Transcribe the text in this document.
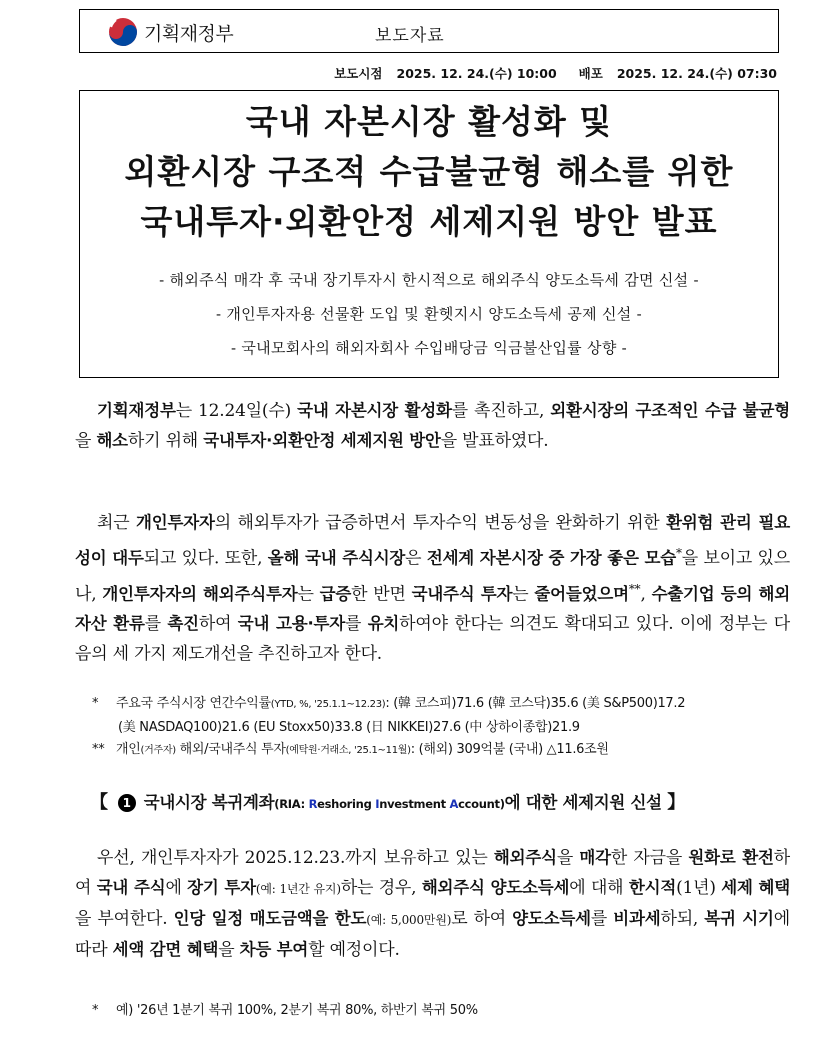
기획재정부	보도자료
보도시점 2025. 12. 24.(수) 10:00 배포 2025. 12. 24.(수) 07:30
국내 자본시장 활성화 및
외환시장 구조적 수급불균형 해소를 위한
국내투자·외환안정 세제지원 방안 발표
- 해외주식 매각 후 국내 장기투자시 한시적으로 해외주식 양도소득세 감면 신설 -
- 개인투자자용 선물환 도입 및 환헷지시 양도소득세 공제 신설 -
- 국내모회사의 해외자회사 수입배당금 익금불산입률 상향 -
기획재정부는 12.24일(수) 국내 자본시장 활성화를 촉진하고, 외환시장의 구조적인 수급 불균형을 해소하기 위해 국내투자·외환안정 세제지원 방안을 발표하였다.
최근 개인투자자의 해외투자가 급증하면서 투자수익 변동성을 완화하기 위한 환위험 관리 필요성이 대두되고 있다. 또한, 올해 국내 주식시장은 전세계 자본시장 중 가장 좋은 모습*을 보이고 있으나, 개인투자자의 해외주식투자는 급증한 반면 국내주식 투자는 줄어들었으며**, 수출기업 등의 해외자산 환류를 촉진하여 국내 고용·투자를 유치하여야 한다는 의견도 확대되고 있다. 이에 정부는 다음의 세 가지 제도개선을 추진하고자 한다.
* 주요국 주식시장 연간수익률(YTD, %, '25.1.1~12.23): (韓 코스피)71.6 (韓 코스닥)35.6 (美 S&P500)17.2
(美 NASDAQ100)21.6 (EU Stoxx50)33.8 (日 NIKKEI)27.6 (中 상하이종합)21.9
** 개인(거주자) 해외/국내주식 투자(예탁원·거래소, '25.1~11월): (해외) 309억불 (국내) △11.6조원
【 1 국내시장 복귀계좌(RIA: Reshoring Investment Account)에 대한 세제지원 신설 】
우선, 개인투자자가 2025.12.23.까지 보유하고 있는 해외주식을 매각한 자금을 원화로 환전하여 국내 주식에 장기 투자(예: 1년간 유지)하는 경우, 해외주식 양도소득세에 대해 한시적(1년) 세제 혜택을 부여한다. 인당 일정 매도금액을 한도(예: 5,000만원)로 하여 양도소득세를 비과세하되, 복귀 시기에 따라 세액 감면 혜택을 차등 부여할 예정이다.
* 예) '26년 1분기 복귀 100%, 2분기 복귀 80%, 하반기 복귀 50%
